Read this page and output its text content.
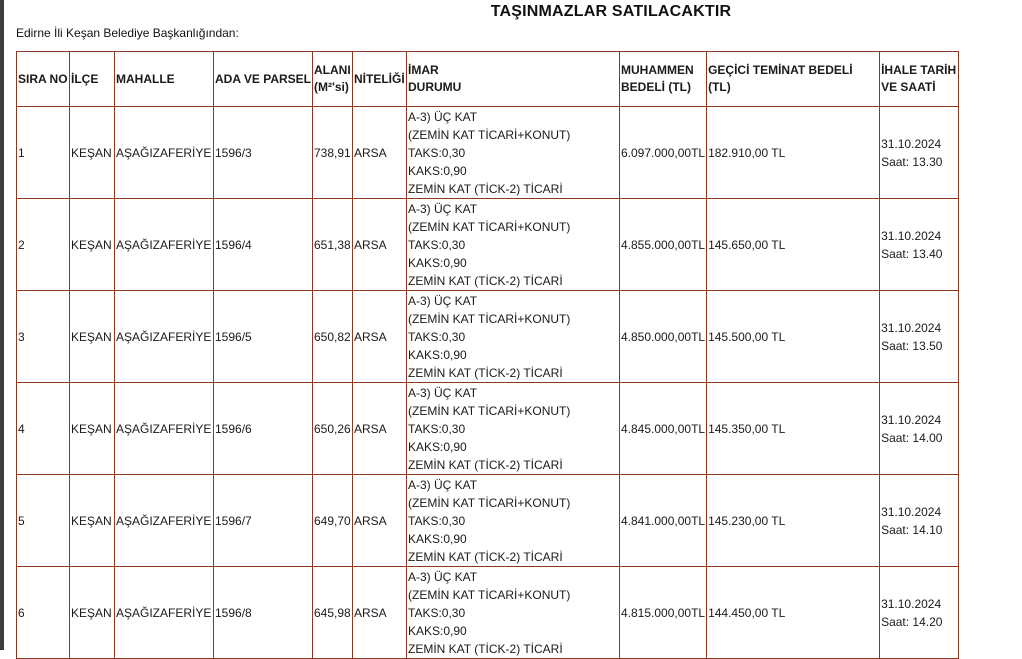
TAŞINMAZLAR SATILACAKTIR
Edirne İli Keşan Belediye Başkanlığından:
SIRA NO	İLÇE	MAHALLE	ADA VE PARSEL	ALANI
(M²'si)	NİTELİĞİ	İMAR
DURUMU	MUHAMMEN
BEDELİ (TL)	GEÇİCİ TEMİNAT BEDELİ (TL)	İHALE TARİH
VE SAATİ

1	KEŞAN	AŞAĞIZAFERİYE	1596/3	738,91	ARSA	A-3) ÜÇ KAT
(ZEMİN KAT TİCARİ+KONUT)
TAKS:0,30
KAKS:0,90
ZEMİN KAT (TİCK-2) TİCARİ	6.097.000,00TL	182.910,00 TL	31.10.2024
Saat: 13.30

2	KEŞAN	AŞAĞIZAFERİYE	1596/4	651,38	ARSA	A-3) ÜÇ KAT
(ZEMİN KAT TİCARİ+KONUT)
TAKS:0,30
KAKS:0,90
ZEMİN KAT (TİCK-2) TİCARİ	4.855.000,00TL	145.650,00 TL	31.10.2024
Saat: 13.40

3	KEŞAN	AŞAĞIZAFERİYE	1596/5	650,82	ARSA	A-3) ÜÇ KAT
(ZEMİN KAT TİCARİ+KONUT)
TAKS:0,30
KAKS:0,90
ZEMİN KAT (TİCK-2) TİCARİ	4.850.000,00TL	145.500,00 TL	31.10.2024
Saat: 13.50

4	KEŞAN	AŞAĞIZAFERİYE	1596/6	650,26	ARSA	A-3) ÜÇ KAT
(ZEMİN KAT TİCARİ+KONUT)
TAKS:0,30
KAKS:0,90
ZEMİN KAT (TİCK-2) TİCARİ	4.845.000,00TL	145.350,00 TL	31.10.2024
Saat: 14.00

5	KEŞAN	AŞAĞIZAFERİYE	1596/7	649,70	ARSA	A-3) ÜÇ KAT
(ZEMİN KAT TİCARİ+KONUT)
TAKS:0,30
KAKS:0,90
ZEMİN KAT (TİCK-2) TİCARİ	4.841.000,00TL	145.230,00 TL	31.10.2024
Saat: 14.10

6	KEŞAN	AŞAĞIZAFERİYE	1596/8	645,98	ARSA	A-3) ÜÇ KAT
(ZEMİN KAT TİCARİ+KONUT)
TAKS:0,30
KAKS:0,90
ZEMİN KAT (TİCK-2) TİCARİ	4.815.000,00TL	144.450,00 TL	31.10.2024
Saat: 14.20
